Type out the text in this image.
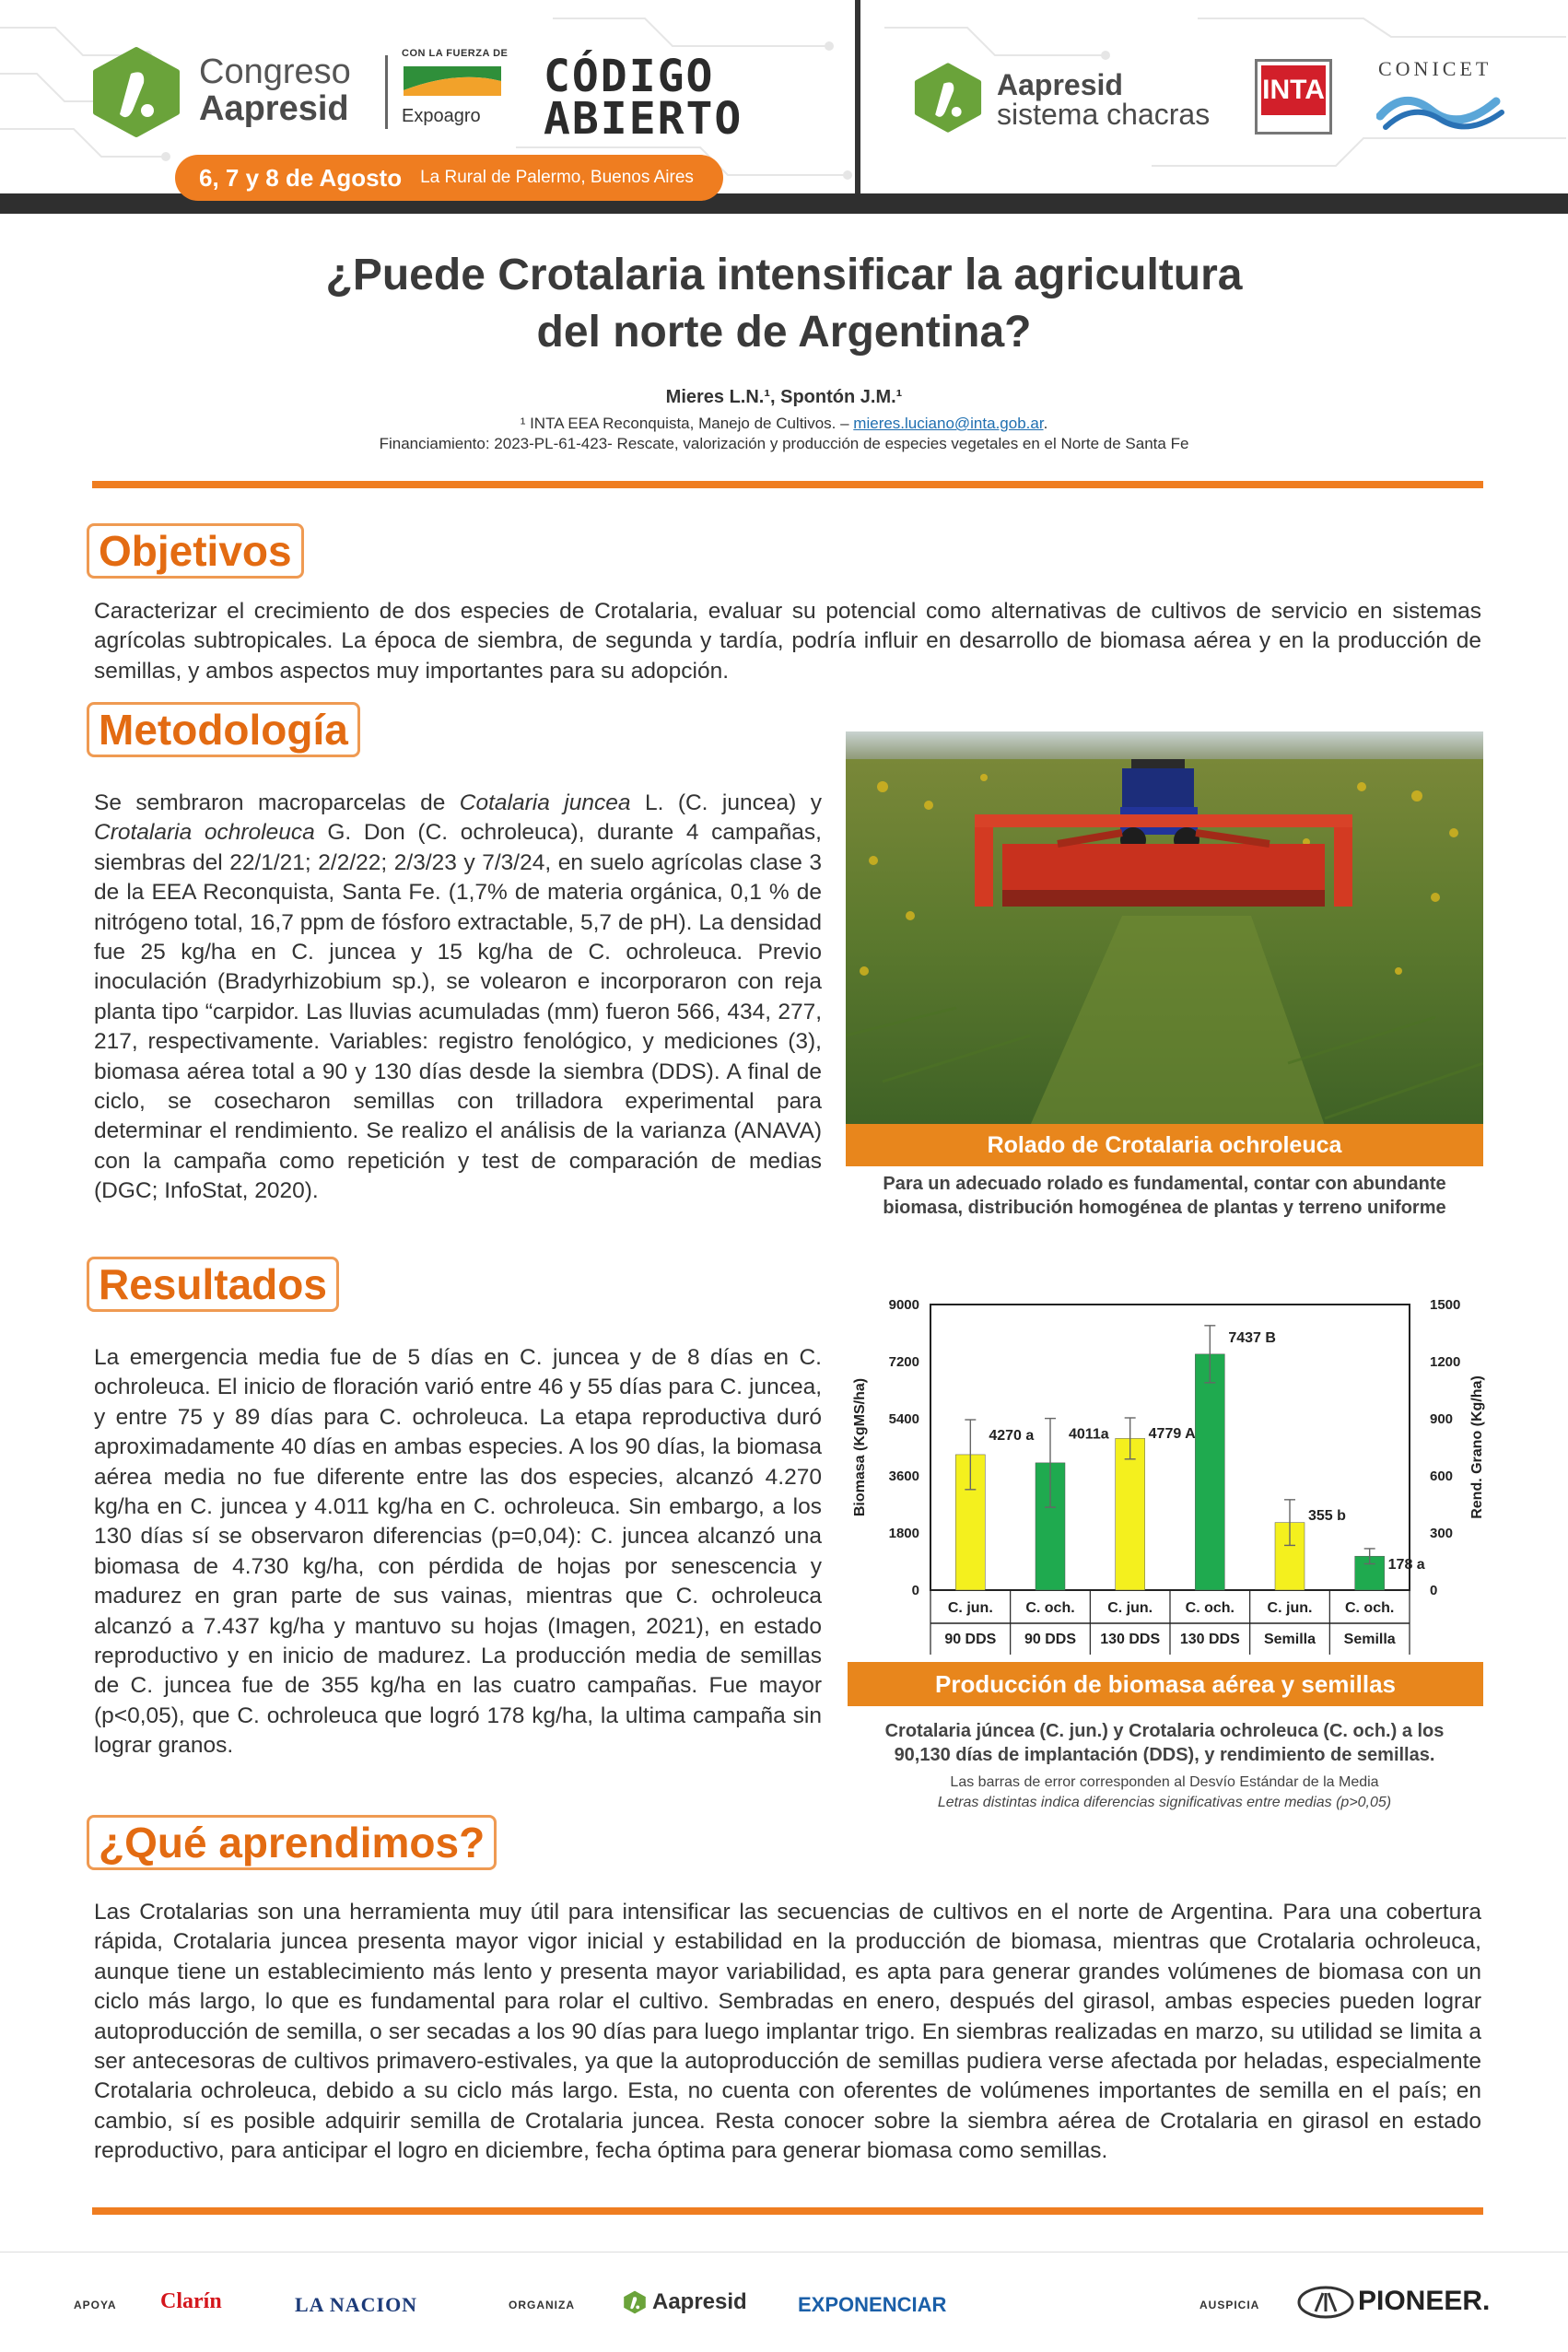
Congreso
Aapresid
CON LA FUERZA DE
Expoagro
CÓDIGO
ABIERTO
6, 7 y 8 de Agosto La Rural de Palermo, Buenos Aires
Aapresid
sistema chacras
INTA
CONICET
¿Puede Crotalaria intensificar la agricultura
del norte de Argentina?
Mieres L.N.¹, Spontón J.M.¹
¹ INTA EEA Reconquista, Manejo de Cultivos. – mieres.luciano@inta.gob.ar.
Financiamiento: 2023-PL-61-423- Rescate, valorización y producción de especies vegetales en el Norte de Santa Fe
Objetivos
Caracterizar el crecimiento de dos especies de Crotalaria, evaluar su potencial como alternativas de cultivos de servicio en sistemas agrícolas subtropicales. La época de siembra, de segunda y tardía, podría influir en desarrollo de biomasa aérea y en la producción de semillas, y ambos aspectos muy importantes para su adopción.
Metodología
Se sembraron macroparcelas de Cotalaria juncea L. (C. juncea) y Crotalaria ochroleuca G. Don (C. ochroleuca), durante 4 campañas, siembras del 22/1/21; 2/2/22; 2/3/23 y 7/3/24, en suelo agrícolas clase 3 de la EEA Reconquista, Santa Fe. (1,7% de materia orgánica, 0,1 % de nitrógeno total, 16,7 ppm de fósforo extractable, 5,7 de pH). La densidad fue 25 kg/ha en C. juncea y 15 kg/ha de C. ochroleuca. Previo inoculación (Bradyrhizobium sp.), se volearon e incorporaron con reja planta tipo “carpidor. Las lluvias acumuladas (mm) fueron 566, 434, 277, 217, respectivamente. Variables: registro fenológico, y mediciones (3), biomasa aérea total a 90 y 130 días desde la siembra (DDS). A final de ciclo, se cosecharon semillas con trilladora experimental para determinar el rendimiento. Se realizo el análisis de la varianza (ANAVA) con la campaña como repetición y test de comparación de medias (DGC; InfoStat, 2020).
Rolado de Crotalaria ochroleuca
Para un adecuado rolado es fundamental, contar con abundante
biomasa, distribución homogénea de plantas y terreno uniforme
Resultados
La emergencia media fue de 5 días en C. juncea y de 8 días en C. ochroleuca. El inicio de floración varió entre 46 y 55 días para C. juncea, y entre 75 y 89 días para C. ochroleuca. La etapa reproductiva duró aproximadamente 40 días en ambas especies. A los 90 días, la biomasa aérea media no fue diferente entre las dos especies, alcanzó 4.270 kg/ha en C. juncea y 4.011 kg/ha en C. ochroleuca. Sin embargo, a los 130 días sí se observaron diferencias (p=0,04): C. juncea alcanzó una biomasa de 4.730 kg/ha, con pérdida de hojas por senescencia y madurez en gran parte de sus vainas, mientras que C. ochroleuca alcanzó a 7.437 kg/ha y mantuvo su hojas (Imagen, 2021), en estado reproductivo y en inicio de madurez. La producción media de semillas de C. juncea fue de 355 kg/ha en las cuatro campañas. Fue mayor (p<0,05), que C. ochroleuca que logró 178 kg/ha, la ultima campaña sin lograr granos.
0
1800
3600
5400
7200
9000
0
300
600
900
1200
1500
Biomasa (KgMS/ha)	Rend. Grano (Kg/ha)
4270 a
C. jun.
90 DDS
4011a
C. och.
90 DDS
4779 A
C. jun.
130 DDS
7437 B
C. och.
130 DDS
355 b
C. jun.
Semilla
178 a
C. och.
Semilla
Producción de biomasa aérea y semillas
Crotalaria júncea (C. jun.) y Crotalaria ochroleuca (C. och.) a los
90,130 días de implantación (DDS), y rendimiento de semillas.
Las barras de error corresponden al Desvío Estándar de la Media
Letras distintas indica diferencias significativas entre medias (p>0,05)
¿Qué aprendimos?
Las Crotalarias son una herramienta muy útil para intensificar las secuencias de cultivos en el norte de Argentina. Para una cobertura rápida, Crotalaria juncea presenta mayor vigor inicial y estabilidad en la producción de biomasa, mientras que Crotalaria ochroleuca, aunque tiene un establecimiento más lento y presenta mayor variabilidad, es apta para generar grandes volúmenes de biomasa con un ciclo más largo, lo que es fundamental para rolar el cultivo. Sembradas en enero, después del girasol, ambas especies pueden lograr autoproducción de semilla, o ser secadas a los 90 días para luego implantar trigo. En siembras realizadas en marzo, su utilidad se limita a ser antecesoras de cultivos primavero-estivales, ya que la autoproducción de semillas pudiera verse afectada por heladas, especialmente Crotalaria ochroleuca, debido a su ciclo más largo. Esta, no cuenta con oferentes de volúmenes importantes de semilla en el país; en cambio, sí es posible adquirir semilla de Crotalaria juncea. Resta conocer sobre la siembra aérea de Crotalaria en girasol en estado reproductivo, para anticipar el logro en diciembre, fecha óptima para generar biomasa como semillas.
APOYA Clarín	LA NACION	ORGANIZA	Aapresid	EXPONENCIAR	AUSPICIA	PIONEER.
